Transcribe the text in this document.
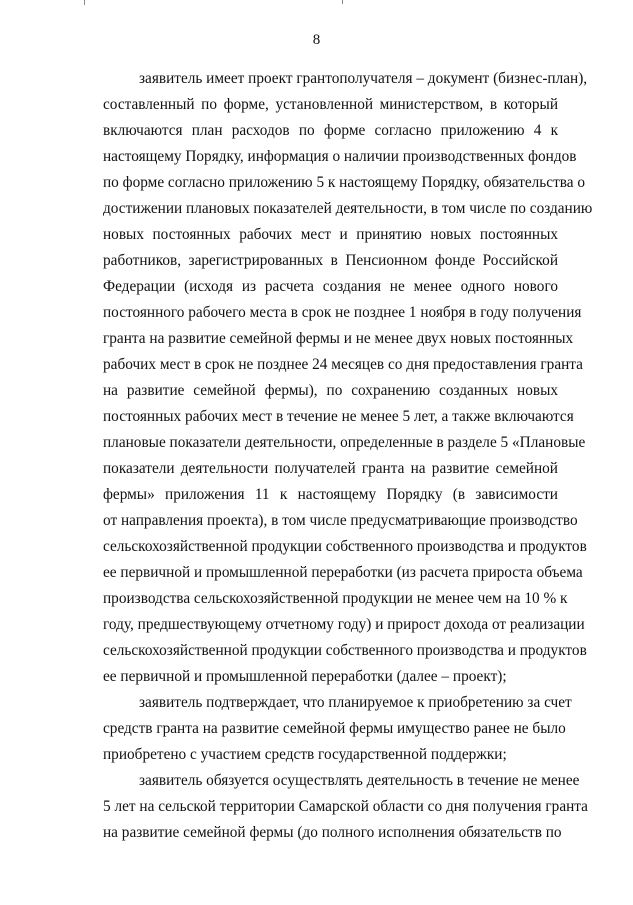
8
заявитель имеет проект грантополучателя – документ (бизнес-план),
составленный по форме, установленной министерством, в который
включаются план расходов по форме согласно приложению 4 к
настоящему Порядку, информация о наличии производственных фондов
по форме согласно приложению 5 к настоящему Порядку, обязательства о
достижении плановых показателей деятельности, в том числе по созданию
новых постоянных рабочих мест и принятию новых постоянных
работников, зарегистрированных в Пенсионном фонде Российской
Федерации (исходя из расчета создания не менее одного нового
постоянного рабочего места в срок не позднее 1 ноября в году получения
гранта на развитие семейной фермы и не менее двух новых постоянных
рабочих мест в срок не позднее 24 месяцев со дня предоставления гранта
на развитие семейной фермы), по сохранению созданных новых
постоянных рабочих мест в течение не менее 5 лет, а также включаются
плановые показатели деятельности, определенные в разделе 5 «Плановые
показатели деятельности получателей гранта на развитие семейной
фермы» приложения 11 к настоящему Порядку (в зависимости
от направления проекта), в том числе предусматривающие производство
сельскохозяйственной продукции собственного производства и продуктов
ее первичной и промышленной переработки (из расчета прироста объема
производства сельскохозяйственной продукции не менее чем на 10 % к
году, предшествующему отчетному году) и прирост дохода от реализации
сельскохозяйственной продукции собственного производства и продуктов
ее первичной и промышленной переработки (далее – проект);
заявитель подтверждает, что планируемое к приобретению за счет
средств гранта на развитие семейной фермы имущество ранее не было
приобретено с участием средств государственной поддержки;
заявитель обязуется осуществлять деятельность в течение не менее
5 лет на сельской территории Самарской области со дня получения гранта
на развитие семейной фермы (до полного исполнения обязательств по
